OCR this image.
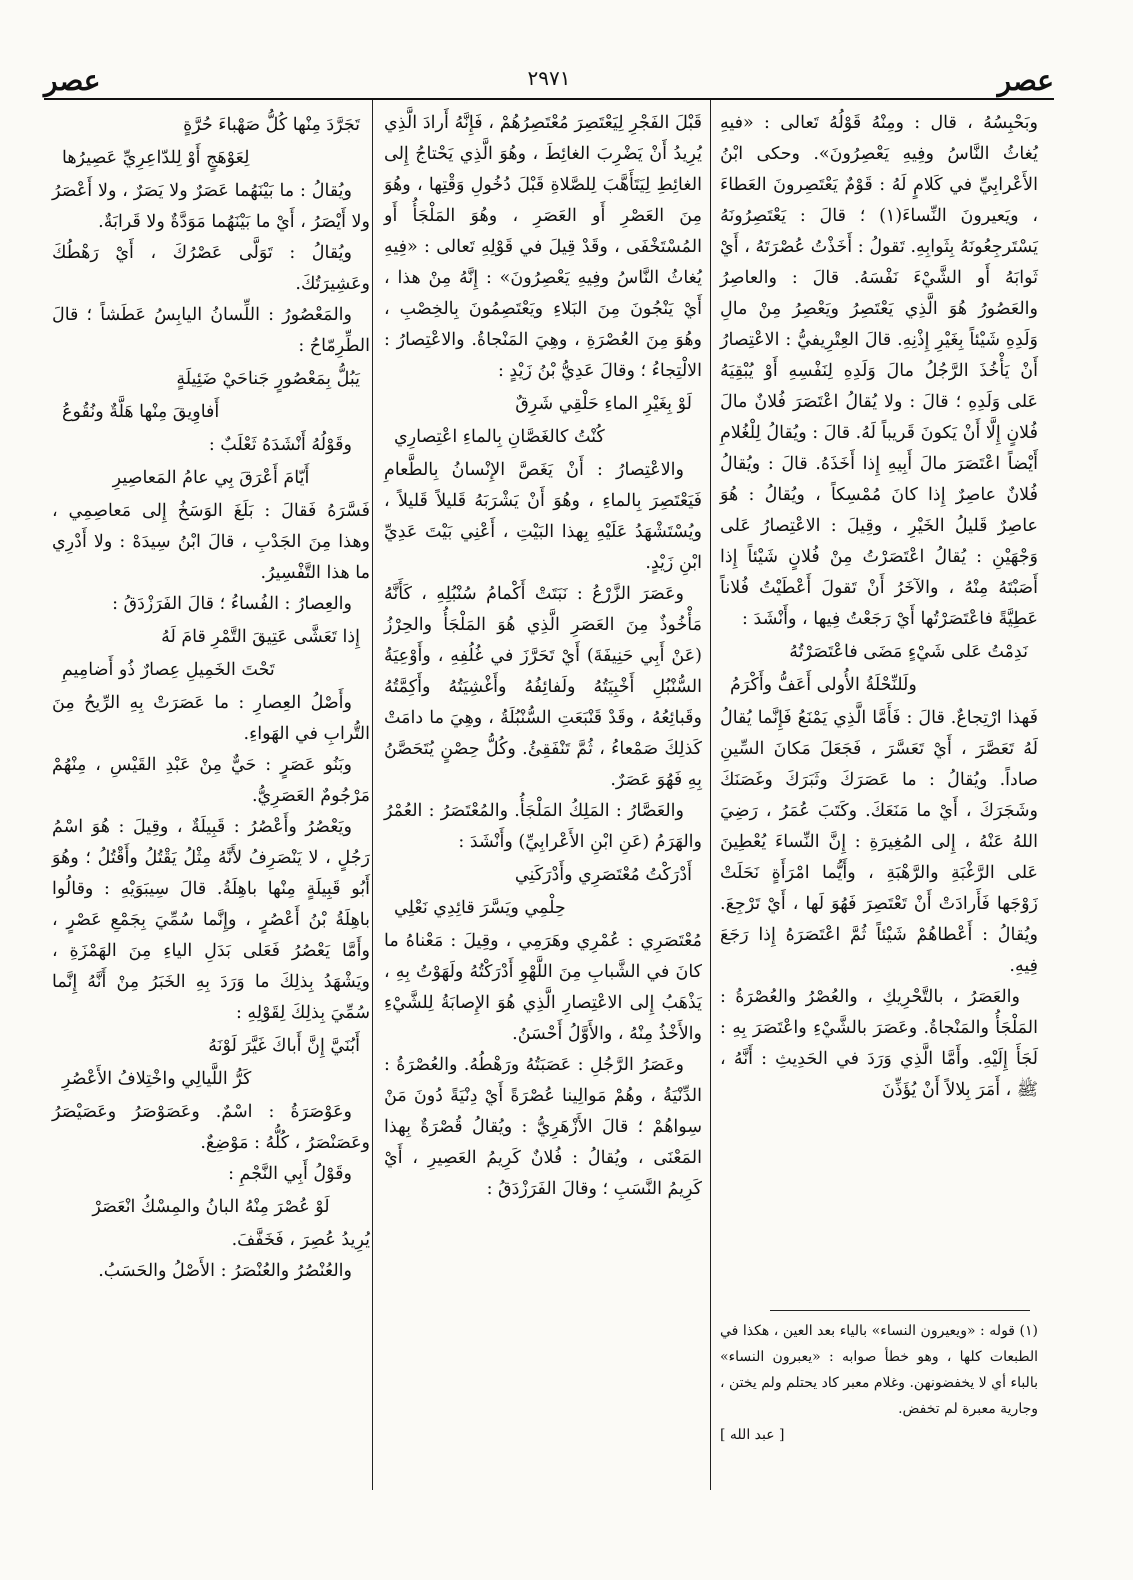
عصر
٢٩٧١
عصر

وبَحْبِسُهُ ، قال : ومِنْهُ قَوْلُهُ تَعالى : «فيهِ يُغاثُ النَّاسُ وفِيهِ يَعْصِرُونَ». وحكى ابْنُ الأَعْرابِيِّ في كَلامٍ لَهُ : قَوْمٌ يَعْتَصِرونَ العَطاءَ ، ويَعيرونَ النِّساءَ(١) ؛ قالَ : يَعْتَصِرُونَهُ يَسْتَرجِعُونَهُ بِثَوابِهِ. تَقولُ : أَخَذْتُ عُصْرَتَهُ ، أَيْ ثَوابَهُ أَو الشَّيْءَ نَفْسَهُ. قالَ : والعاصِرُ والعَصُورُ هُوَ الَّذِي يَعْتَصِرُ ويَعْصِرُ مِنْ مالِ وَلَدِهِ شَيْئاً بِغَيْرِ إِذْنِهِ. قالَ العِتْرِيفيُّ : الاعْتِصارُ أَنْ يَأْخُذَ الرَّجُلُ مالَ وَلَدِهِ لِنَفْسِهِ أَوْ يُبْقِيَهُ عَلى وَلَدِهِ ؛ قالَ : ولا يُقالُ اعْتَصَرَ فُلانٌ مالَ فُلانٍ إِلَّا أَنْ يَكونَ قَريباً لَهُ. قالَ : ويُقالُ لِلْغُلامِ أَيْضاً اعْتَصَرَ مالَ أَبِيهِ إِذا أَخَذَهُ. قالَ : ويُقالُ فُلانٌ عاصِرٌ إِذا كانَ مُمْسِكاً ، ويُقالُ : هُوَ عاصِرٌ قَليلُ الخَيْرِ ، وقِيلَ : الاعْتِصارُ عَلى وَجْهَيْنِ : يُقالُ اعْتَصَرْتُ مِنْ فُلانٍ شَيْئاً إِذا أَصَبْتَهُ مِنْهُ ، والآخَرُ أَنْ تَقولَ أَعْطَيْتُ فُلاناً عَطِيَّةً فاعْتَصَرْتُها أَيْ رَجَعْتُ فِيها ، وأَنْشَدَ :

نَدِمْتُ عَلى شَيْءٍ مَضَى فاعْتَصَرْتُهُ

ولَلنِّحْلَةُ الأُولى أَعَفُّ وأَكْرَمُ

فَهذا ارْتِجاعٌ. قالَ : فَأَمَّا الَّذِي يَمْنَعُ فَإِنَّما يُقالُ لَهُ تَعَصَّرَ ، أَيْ تَعَسَّرَ ، فَجَعَلَ مَكانَ السِّينِ صاداً. ويُقالُ : ما عَصَرَكَ وثَبَرَكَ وغَصَنَكَ وشَجَرَكَ ، أَيْ ما مَنَعَكَ. وكَتَبَ عُمَرُ ، رَضِيَ اللهُ عَنْهُ ، إِلى المُغِيرَةِ : إِنَّ النِّساءَ يُعْطِينَ عَلى الرَّغْبَةِ والرَّهْبَةِ ، وأَيُّما امْرَأَةٍ نَحَلَتْ زَوْجَها فَأَرادَتْ أَنْ تَعْتَصِرَ فَهُوَ لَها ، أَيْ تَرْجِعَ. ويُقالُ : أَعْطاهُمْ شَيْئاً ثُمَّ اعْتَصَرَهُ إِذا رَجَعَ فِيهِ.

والعَصَرُ ، بالتَّحْرِيكِ ، والعُصْرُ والعُصْرَةُ : المَلْجَأُ والمَنْجاةُ. وعَصَرَ بالشَّيْءِ واعْتَصَرَ بِهِ : لَجَأَ إِلَيْهِ. وأَمَّا الَّذِي وَرَدَ في الحَدِيثِ : أَنَّهُ ، ﷺ ، أَمَرَ بِلالاً أَنْ يُؤَذِّنَ

قَبْلَ الفَجْرِ لِيَعْتَصِرَ مُعْتَصِرُهُمْ ، فَإِنَّهُ أَرادَ الَّذِي يُرِيدُ أَنْ يَضْرِبَ الغائِطَ ، وهُوَ الَّذِي يَحْتاجُ إِلى الغائِطِ لِيَتَأَهَّبَ لِلصَّلاةِ قَبْلَ دُخُولِ وَقْتِها ، وهُوَ مِنَ العَصْرِ أَو العَصَرِ ، وهُوَ المَلْجَأُ أَو المُسْتَخْفَى ، وقَدْ قِيلَ في قَوْلِهِ تَعالى : «فِيهِ يُغاثُ النَّاسُ وفِيهِ يَعْصِرُونَ» : إِنَّهُ مِنْ هذا ، أَيْ يَنْجُونَ مِنَ البَلاءِ ويَعْتَصِمُونَ بِالخِصْبِ ، وهُوَ مِنَ العُصْرَةِ ، وهِيَ المَنْجاةُ. والاعْتِصارُ : الالْتِجاءُ ؛ وقالَ عَدِيُّ بْنُ زَيْدٍ :

لَوْ بِغَيْرِ الماءِ حَلْقِي شَرِقٌ

كُنْتُ كالغَصَّانِ بِالماءِ اعْتِصارِي

والاعْتِصارُ : أَنْ يَغَصَّ الإِنْسانُ بِالطَّعامِ فَيَعْتَصِرَ بِالماءِ ، وهُوَ أَنْ يَشْرَبَهُ قَليلاً قَليلاً ، ويُسْتَشْهَدُ عَلَيْهِ بِهذا البَيْتِ ، أَعْنِي بَيْتَ عَدِيِّ ابْنِ زَيْدٍ.

وعَصَرَ الزَّرْعُ : نَبَتَتْ أَكْمامُ سُنْبُلِهِ ، كَأَنَّهُ مَأْخُوذٌ مِنَ العَصَرِ الَّذِي هُوَ المَلْجَأُ والحِرْزُ (عَنْ أَبِي حَنِيفَةَ) أَيْ تَحَرَّزَ في غُلُفِهِ ، وأَوْعِيَةُ السُّنْبُلِ أَخْبِيَتُهُ ولَفائِفُهُ وأَغْشِيَتُهُ وأَكِمَّتُهُ وقَبائِعُهُ ، وقَدْ قَنْبَعَتِ السُّنْبُلَةُ ، وهِيَ ما دامَتْ كَذلِكَ صَمْعاءُ ، ثُمَّ تَنْفَقِئُ. وكُلُّ حِصْنٍ يُتَحَصَّنُ بِهِ فَهُوَ عَصَرٌ.

والعَصَّارُ : المَلِكُ المَلْجَأُ. والمُعْتَصَرُ : العُمْرُ والهَرَمُ (عَنِ ابْنِ الأَعْرابِيِّ) وأَنْشَدَ :

أَدْرَكْتُ مُعْتَصَرِي وأَدْرَكَنِي

حِلْمِي ويَسَّرَ قائِدِي نَعْلِي

مُعْتَصَرِي : عُمْرِي وهَرَمِي ، وقِيلَ : مَعْناهُ ما كانَ في الشَّبابِ مِنَ اللَّهْوِ أَدْرَكْتُهُ ولَهَوْتُ بِهِ ، يَذْهَبُ إِلى الاعْتِصارِ الَّذِي هُوَ الإِصابَةُ لِلشَّيْءِ والأَخْذُ مِنْهُ ، والأَوَّلُ أَحْسَنُ.

وعَصَرُ الرَّجُلِ : عَصَبَتُهُ ورَهْطُهُ. والعُصْرَةُ : الدِّنْيَةُ ، وهُمْ مَوالِينا عُصْرَةً أَيْ دِنْيَةً دُونَ مَنْ سِواهُمْ ؛ قالَ الأَزْهَرِيُّ : ويُقالُ قُصْرَةٌ بِهذا المَعْنَى ، ويُقالُ : فُلانٌ كَرِيمُ العَصِيرِ ، أَيْ كَرِيمُ النَّسَبِ ؛ وقالَ الفَرَزْدَقُ :

تَجَرَّدَ مِنْها كُلُّ صَهْباءَ حُرَّةٍ

لِعَوْهَجٍ أَوْ لِلدّاعِرِيِّ عَصِيرُها

ويُقالُ : ما بَيْنَهُما عَصَرٌ ولا يَصَرٌ ، ولا أَعْصَرُ ولا أَيْصَرُ ، أَيْ ما بَيْنَهُما مَوَدَّةٌ ولا قَرابَةٌ.

ويُقالُ : تَوَلَّى عَصْرُكَ ، أَيْ رَهْطُكَ وعَشِيرَتُكَ.

والمَعْصُورُ : اللِّسانُ اليابِسُ عَطَشاً ؛ قالَ الطِّرِمّاحُ :

يَبُلُّ بِمَعْصُورٍ جَناحَيْ ضَئِيلَةٍ

أَفاوِيقَ مِنْها هَلَّةٌ ونُقُوعُ

وقَوْلُهُ أَنْشَدَهُ ثَعْلَبٌ :

أَيّامَ أَعْرَقَ بِي عامُ المَعاصِيرِ

فَسَّرَهُ فَقالَ : بَلَغَ الوَسَخُ إِلى مَعاصِمِي ، وهذا مِنَ الجَدْبِ ، قالَ ابْنُ سِيدَهْ : ولا أَدْرِي ما هذا التَّفْسِيرُ.

والعِصارُ : الفُساءُ ؛ قالَ الفَرَزْدَقُ :

إِذا تَعَشَّى عَتِيقَ التَّمْرِ قامَ لَهُ

تَحْتَ الخَمِيلِ عِصارٌ ذُو أَضامِيمِ

وأَصْلُ العِصارِ : ما عَصَرَتْ بِهِ الرِّيحُ مِنَ التُّرابِ في الهَواءِ.

وبَنُو عَصَرٍ : حَيٌّ مِنْ عَبْدِ القَيْسِ ، مِنْهُمْ مَرْجُومٌ العَصَرِيُّ.

ويَعْصُرُ وأَعْصُرُ : قَبِيلَةٌ ، وقِيلَ : هُوَ اسْمُ رَجُلٍ ، لا يَنْصَرِفُ لأَنَّهُ مِثْلُ يَقْتُلُ وأَقْتُلُ ؛ وهُوَ أَبُو قَبِيلَةٍ مِنْها باهِلَةُ. قالَ سِيبَوَيْهِ : وقالُوا باهِلَةُ بْنُ أَعْصُرٍ ، وإِنَّما سُمِّيَ بِجَمْعِ عَصْرٍ ، وأَمَّا يَعْصُرُ فَعَلى بَدَلِ الياءِ مِنَ الهَمْزَةِ ، ويَشْهَدُ بِذلِكَ ما وَرَدَ بِهِ الخَبَرُ مِنْ أَنَّهُ إِنَّما سُمِّيَ بِذلِكَ لِقَوْلِهِ :

أَبُنَيَّ إِنَّ أَباكَ غَيَّرَ لَوْنَهُ

كَرُّ اللَّيالِي واخْتِلافُ الأَعْصُرِ

وعَوْصَرَةُ : اسْمٌ. وعَصَوْصَرُ وعَصَيْصَرُ وعَصَنْصَرُ ، كُلُّهُ : مَوْضِعٌ.

وقَوْلُ أَبِي النَّجْمِ :

لَوْ عُصْرَ مِنْهُ البانُ والمِسْكُ انْعَصَرْ

يُرِيدُ عُصِرَ ، فَخَفَّفَ.

والعُنْصُرُ والعُنْصَرُ : الأَصْلُ والحَسَبُ.

(١) قوله : «ويعيرون النساء» بالياء بعد العين ، هكذا في الطبعات كلها ، وهو خطأ صوابه : «يعبرون النساء» بالباء أي لا يخفضونهن. وغلام معبر كاد يحتلم ولم يختن ، وجارية معبرة لم تخفض.

[ عبد الله ]
